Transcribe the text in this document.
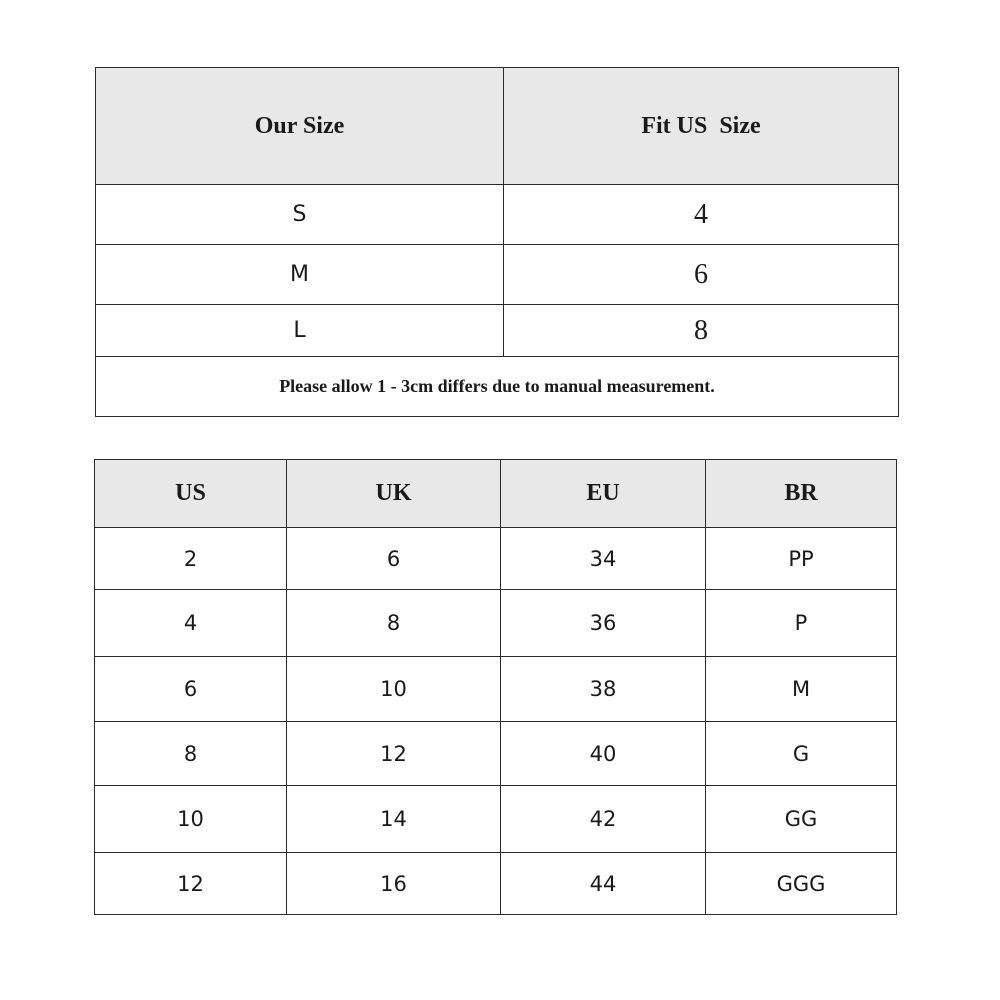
Our Size	Fit US  Size
S	4
M	6
L	8
Please allow 1 - 3cm differs due to manual measurement.	
US	UK	EU	BR
2	6	34	PP
4	8	36	P
6	10	38	M
8	12	40	G
10	14	42	GG
12	16	44	GGG
